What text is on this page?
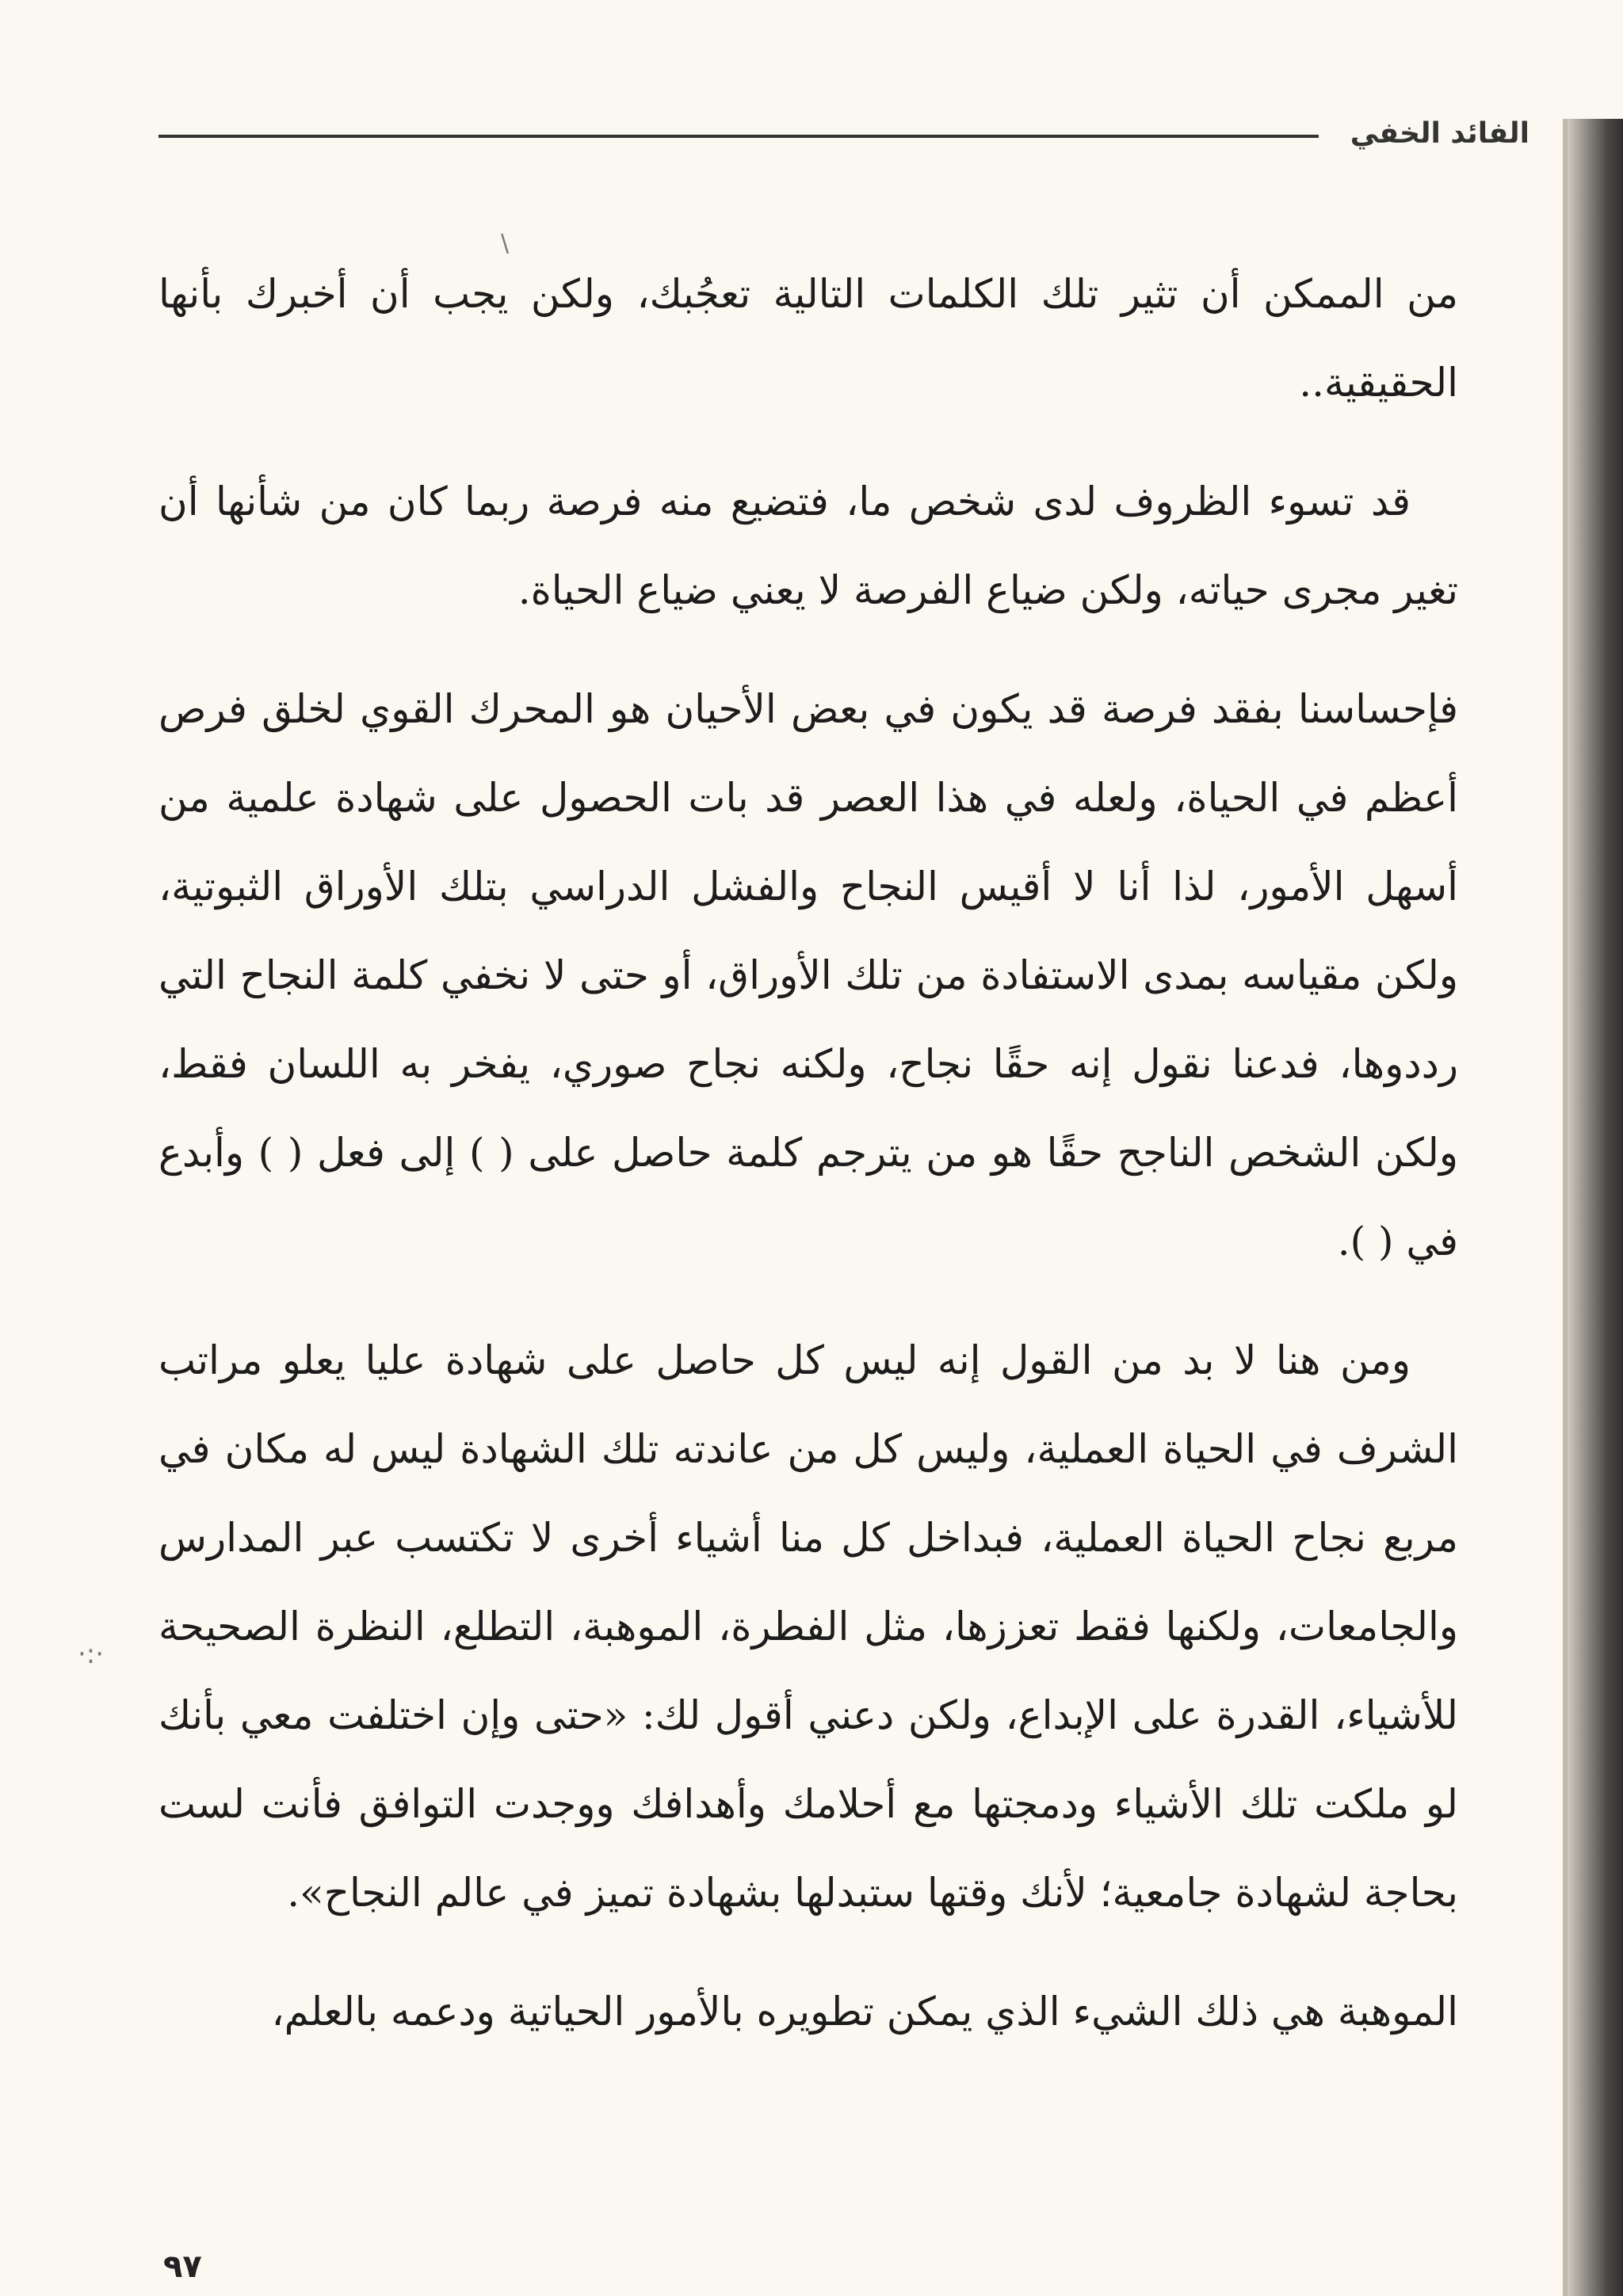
الفائد الخفي

من الممكن أن تثير تلك الكلمات التالية تعجُبك، ولكن يجب أن أخبرك بأنها الحقيقية..

قد تسوء الظروف لدى شخص ما، فتضيع منه فرصة ربما كان من شأنها أن تغير مجرى حياته، ولكن ضياع الفرصة لا يعني ضياع الحياة.

فإحساسنا بفقد فرصة قد يكون في بعض الأحيان هو المحرك القوي لخلق فرص أعظم في الحياة، ولعله في هذا العصر قد بات الحصول على شهادة علمية من أسهل الأمور، لذا أنا لا أقيس النجاح والفشل الدراسي بتلك الأوراق الثبوتية، ولكن مقياسه بمدى الاستفادة من تلك الأوراق، أو حتى لا نخفي كلمة النجاح التي رددوها، فدعنا نقول إنه حقًا نجاح، ولكنه نجاح صوري، يفخر به اللسان فقط، ولكن الشخص الناجح حقًا هو من يترجم كلمة حاصل على ( ) إلى فعل ( ) وأبدع في ( ).

ومن هنا لا بد من القول إنه ليس كل حاصل على شهادة عليا يعلو مراتب الشرف في الحياة العملية، وليس كل من عاندته تلك الشهادة ليس له مكان في مربع نجاح الحياة العملية، فبداخل كل منا أشياء أخرى لا تكتسب عبر المدارس والجامعات، ولكنها فقط تعززها، مثل الفطرة، الموهبة، التطلع، النظرة الصحيحة للأشياء، القدرة على الإبداع، ولكن دعني أقول لك: «حتى وإن اختلفت معي بأنك لو ملكت تلك الأشياء ودمجتها مع أحلامك وأهدافك ووجدت التوافق فأنت لست بحاجة لشهادة جامعية؛ لأنك وقتها ستبدلها بشهادة تميز في عالم النجاح».

الموهبة هي ذلك الشيء الذي يمكن تطويره بالأمور الحياتية ودعمه بالعلم،

\
·:·
٩٧
